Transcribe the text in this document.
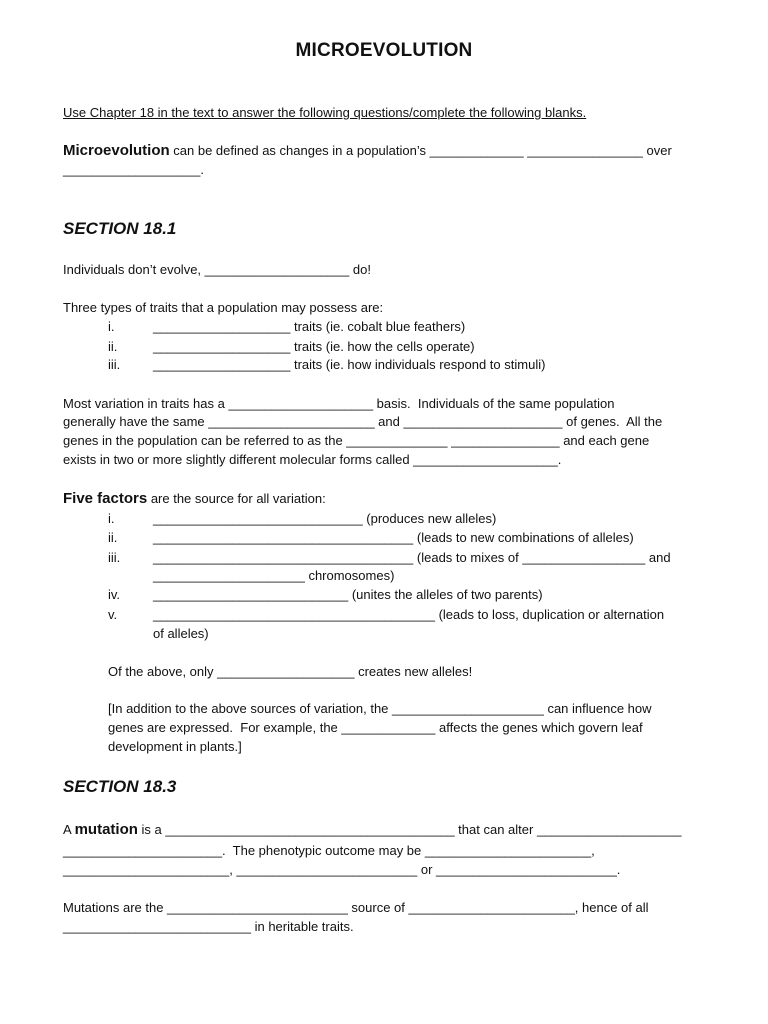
MICROEVOLUTION
Use Chapter 18 in the text to answer the following questions/complete the following blanks.
Microevolution can be defined as changes in a population’s _____________ ________________ over
___________________.
SECTION 18.1
Individuals don’t evolve, ____________________ do!
Three types of traits that a population may possess are:
i.	___________________ traits (ie. cobalt blue feathers)
ii.	___________________ traits (ie. how the cells operate)
iii.	___________________ traits (ie. how individuals respond to stimuli)
Most variation in traits has a ____________________ basis.  Individuals of the same population
generally have the same _______________________ and ______________________ of genes.  All the
genes in the population can be referred to as the ______________ _______________ and each gene
exists in two or more slightly different molecular forms called ____________________.
Five factors are the source for all variation:
i.	_____________________________ (produces new alleles)
ii.	____________________________________ (leads to new combinations of alleles)
iii.	____________________________________ (leads to mixes of _________________ and
_____________________ chromosomes)
iv.	___________________________ (unites the alleles of two parents)
v.	_______________________________________ (leads to loss, duplication or alternation
of alleles)
Of the above, only ___________________ creates new alleles!
[In addition to the above sources of variation, the _____________________ can influence how
genes are expressed.  For example, the _____________ affects the genes which govern leaf
development in plants.]
SECTION 18.3
A mutation is a ________________________________________ that can alter ____________________
______________________.  The phenotypic outcome may be _______________________,
_______________________, _________________________ or _________________________.
Mutations are the _________________________ source of _______________________, hence of all
__________________________ in heritable traits.
